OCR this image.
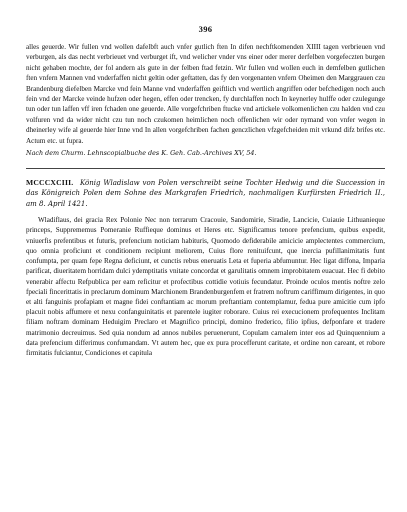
396

alles geuerde. Wir fullen vnd wollen dafelbft auch vnfer gutlich ften In difen nechftkomenden XIIII tagen verbrieuen vnd verburgen, als das necht verbrieuet vnd verburget ift, vnd welicher vnder vns einer oder merer derfelben vorgefeczten burgen nicht gehaben mochte, der fol andern als gute in der felben ftad fetzin. Wir fullen vnd wollen euch in demfelben gutlichen ften vnfern Mannen vnd vnderfaffen nicht geltin oder geftatten, das fy den vorgenanten vnfern Oheimen den Marggrauen czu Brandenburg diefelben Marcke vnd fein Manne vnd vnderfaffen geiftlich vnd wertlich angriffen oder befchedigen noch auch fein vnd der Marcke veinde hufzen oder hegen, effen oder trencken, fy durchlaffen noch In keynerley hulffe oder czulegunge tun oder tun laffen vff iren fchaden one geuerde. Alle vorgefchriben ftucke vnd artickele volkomenlichen czu halden vnd czu volfuren vnd da wider nicht czu tun noch czukomen heimlichen noch offenlichen wir oder nymand von vnfer wegen in dheinerley wife al geuerde hier Inne vnd In allen vorgefchriben fachen genczlichen vfzgefcheiden mit vrkund difz brifes etc. Actum etc. ut fupra.

Nach dem Churm. Lehnscopialbuche des K. Geh. Cab.-Archives XV, 54.

MCCCXCIII. König Wladislaw von Polen verschreibt seine Tochter Hedwig und die Succession in das Königreich Polen dem Sohne des Markgrafen Friedrich, nachmaligen Kurfürsten Friedrich II., am 8. April 1421.

Wladiflaus, dei gracia Rex Polonie Nec non terrarum Cracouie, Sandomirie, Siradie, Lancicie, Cuiauie Lithuanieque princeps, Supprememus Pomeranie Ruffieque dominus et Heres etc. Significamus tenore prefencium, quibus expedit, vniuerfis prefentibus et futuris, prefencium noticiam habituris, Quomodo defiderabile amicicie amplectentes commercium, quo omnia proficiunt et conditionem recipiunt meliorem, Cuius flore renituifcunt, que inercia pufillanimitatis funt confumpta, per quam fepe Regna deficiunt, et cunctis rebus eneruatis Leta et fuperia abfumuntur. Hec ligat diffona, Imparia parificat, diueritatem horridam dulci ydemptitatis vnitate concordat et garulitatis omnem improbitatem euacuat. Hec fi debito venerabir affectu Refpublica per eam reficitur et profectibus cottidie votiuis fecundatur. Proinde oculos mentis noftre zelo fpeciali fincerittatis in preclarum dominum Marchionem Brandenburgenfem et fratrem noftrum cariffimum dirigentes, in quo et alti fanguinis profapiam et magne fidei conftantiam ac morum preftantiam contemplamur, fedua pure amicitie cum ipfo placuit nobis affumere et nexu confanguinitatis et parentele iugiter roborare. Cuius rei execucionem profequentes Inclitam filiam noftram dominam Heduigim Preclaro et Magnifico principi, domino frederico, filio ipfius, defponfare et tradere matrimonio decreuimus. Sed quia nondum ad annos nubiles peruenerunt, Copulam carnalem inter eos ad Quinquennium a data prefencium differimus confumandam. Vt autem hec, que ex pura procefferunt caritate, et ordine non careant, et robore firmitatis fulciantur, Condiciones et capitula
